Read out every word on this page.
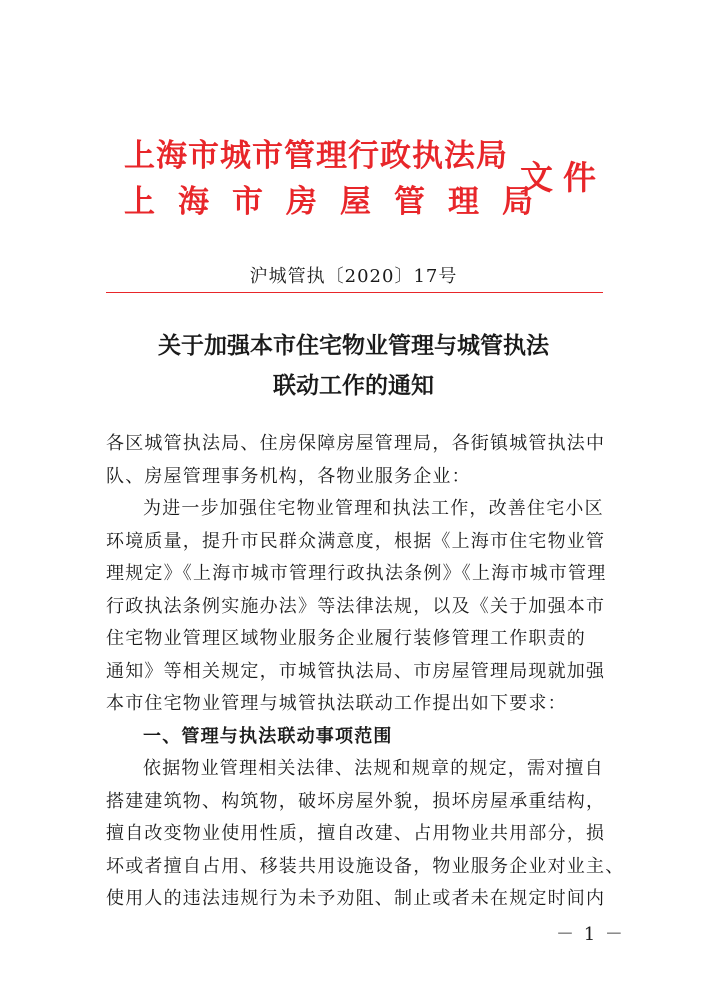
上海市城市管理行政执法局
上海市房屋管理局
文件
沪城管执〔2020〕17号
关于加强本市住宅物业管理与城管执法
联动工作的通知

各区城管执法局、住房保障房屋管理局，各街镇城管执法中
队、房屋管理事务机构，各物业服务企业：

为进一步加强住宅物业管理和执法工作，改善住宅小区
环境质量，提升市民群众满意度，根据《上海市住宅物业管
理规定》《上海市城市管理行政执法条例》《上海市城市管理
行政执法条例实施办法》等法律法规，以及《关于加强本市
住宅物业管理区域物业服务企业履行装修管理工作职责的
通知》等相关规定，市城管执法局、市房屋管理局现就加强
本市住宅物业管理与城管执法联动工作提出如下要求：

一、管理与执法联动事项范围

依据物业管理相关法律、法规和规章的规定，需对擅自
搭建建筑物、构筑物，破坏房屋外貌，损坏房屋承重结构，
擅自改变物业使用性质，擅自改建、占用物业共用部分，损
坏或者擅自占用、移装共用设施设备，物业服务企业对业主、
使用人的违法违规行为未予劝阻、制止或者未在规定时间内

－ 1 －
